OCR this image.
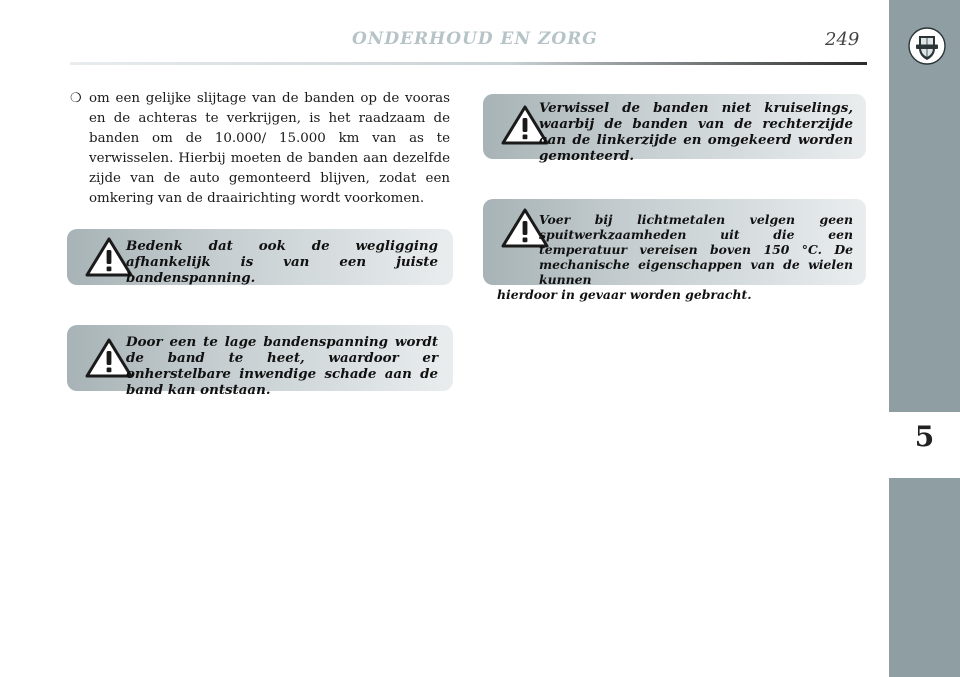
5
ONDERHOUD EN ZORG	249
❍ om een gelijke slijtage van de banden op de vooras en de achteras te verkrijgen, is het raadzaam de banden om de 10.000/ 15.000 km van as te verwisselen. Hierbij moeten de banden aan dezelfde zijde van de auto gemonteerd blijven, zodat een omkering van de draairichting wordt voorkomen.
Bedenk dat ook de wegligging afhankelijk is van een juiste bandenspanning.
Door een te lage bandenspanning wordt de band te heet, waardoor er onherstelbare inwendige schade aan de band kan ontstaan.
Verwissel de banden niet kruiselings, waarbij de banden van de rechterzijde aan de linkerzijde en omgekeerd worden gemonteerd.
Voer bij lichtmetalen velgen geen spuitwerkzaamheden uit die een temperatuur vereisen boven 150 °C. De mechanische eigenschappen van de wielen kunnen
hierdoor in gevaar worden gebracht.
